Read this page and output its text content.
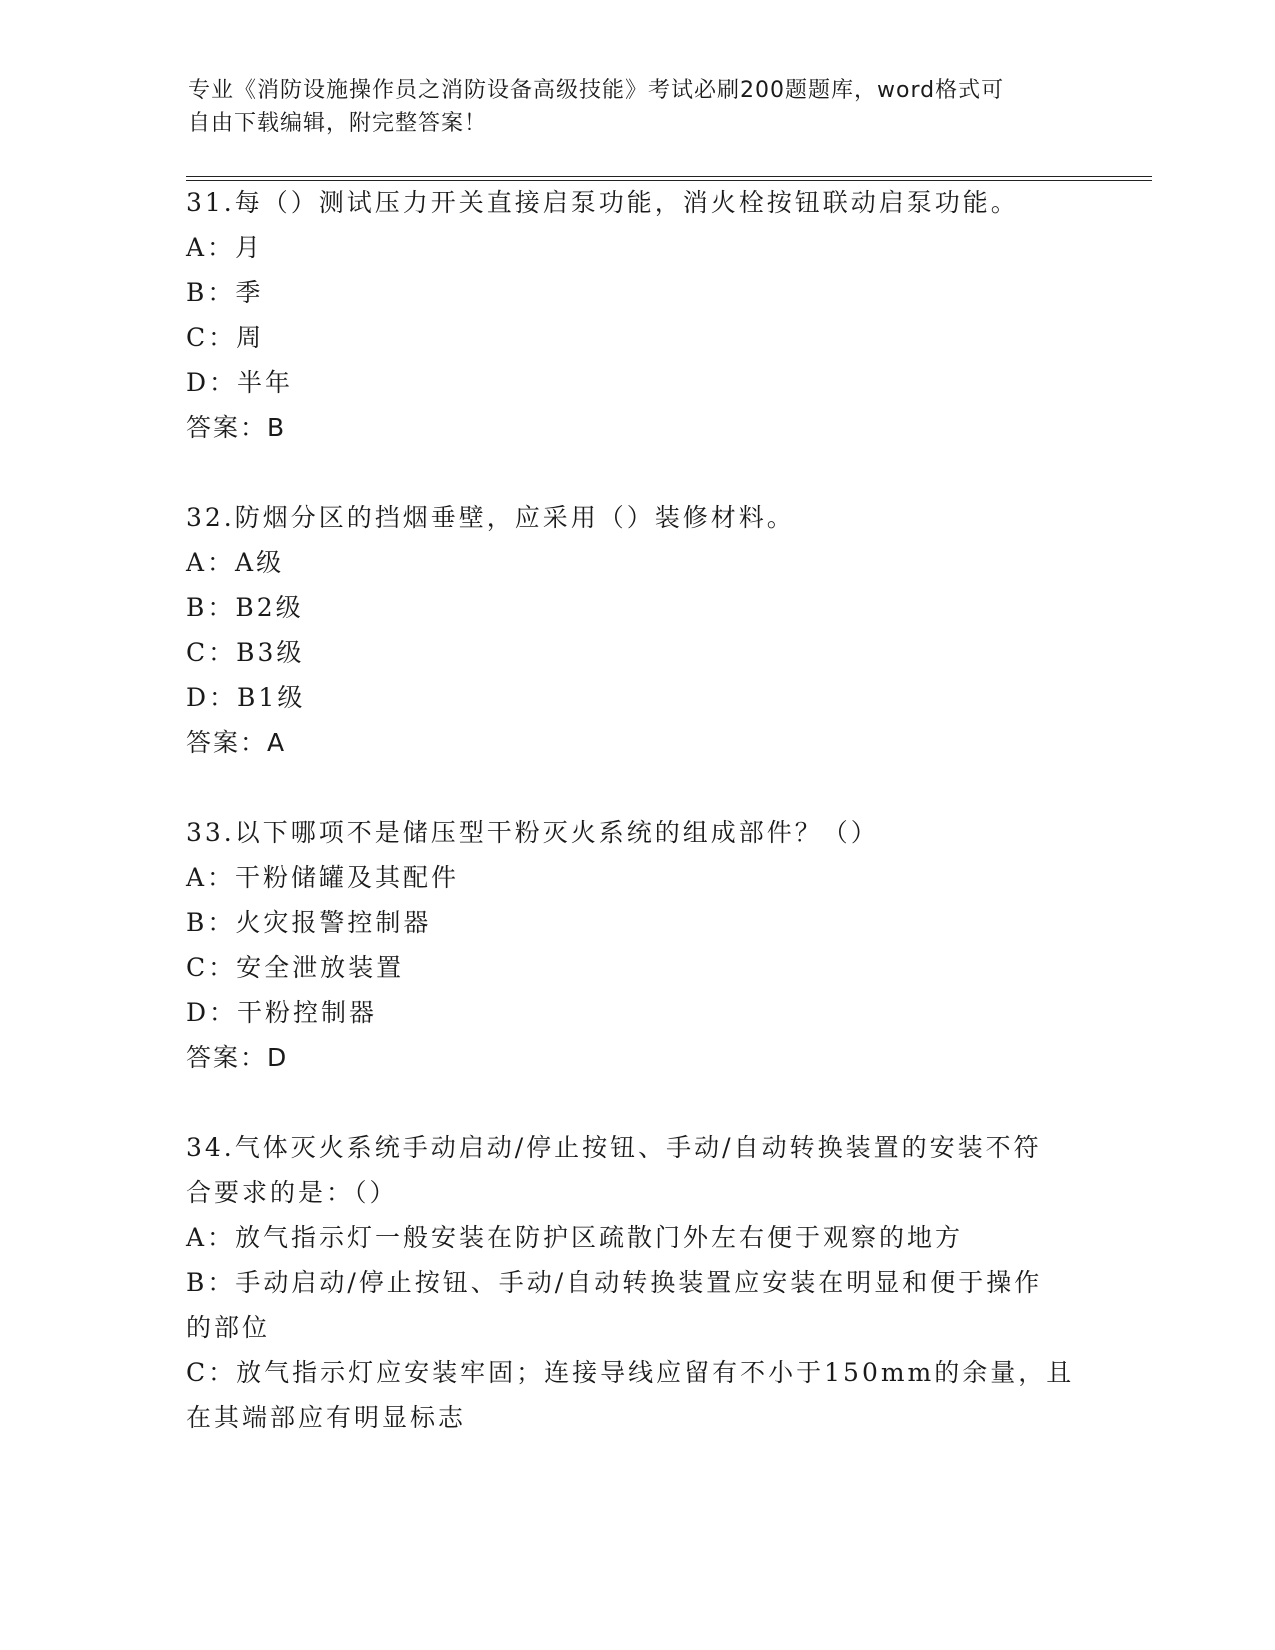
专业《消防设施操作员之消防设备高级技能》考试必刷200题题库，word格式可
自由下载编辑，附完整答案！

31.每（）测试压力开关直接启泵功能，消火栓按钮联动启泵功能。

A：月

B：季

C：周

D：半年

答案：B

32.防烟分区的挡烟垂壁，应采用（）装修材料。

A：A级

B：B2级

C：B3级

D：B1级

答案：A

33.以下哪项不是储压型干粉灭火系统的组成部件？（）

A：干粉储罐及其配件

B：火灾报警控制器

C：安全泄放装置

D：干粉控制器

答案：D

34.气体灭火系统手动启动/停止按钮、手动/自动转换装置的安装不符

合要求的是：（）

A：放气指示灯一般安装在防护区疏散门外左右便于观察的地方

B：手动启动/停止按钮、手动/自动转换装置应安装在明显和便于操作

的部位

C：放气指示灯应安装牢固；连接导线应留有不小于150mm的余量，且

在其端部应有明显标志
